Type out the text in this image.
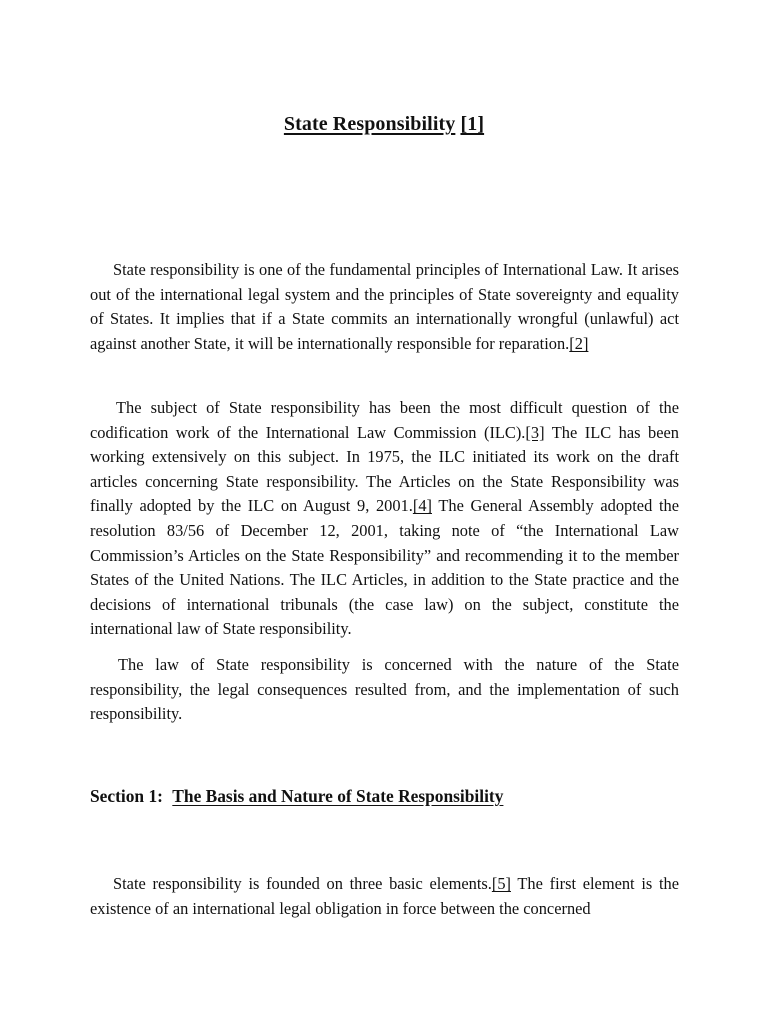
State Responsibility [1]

State responsibility is one of the fundamental principles of International Law. It arises out of the international legal system and the principles of State sovereignty and equality of States. It implies that if a State commits an internationally wrongful (unlawful) act against another State, it will be internationally responsible for reparation.[2]

The subject of State responsibility has been the most difficult question of the codification work of the International Law Commission (ILC).[3] The ILC has been working extensively on this subject. In 1975, the ILC initiated its work on the draft articles concerning State responsibility. The Articles on the State Responsibility was finally adopted by the ILC on August 9, 2001.[4] The General Assembly adopted the resolution 83/56 of December 12, 2001, taking note of “the International Law Commission’s Articles on the State Responsibility” and recommending it to the member States of the United Nations. The ILC Articles, in addition to the State practice and the decisions of international tribunals (the case law) on the subject, constitute the international law of State responsibility.

The law of State responsibility is concerned with the nature of the State responsibility, the legal consequences resulted from, and the implementation of such responsibility.

Section 1: The Basis and Nature of State Responsibility

State responsibility is founded on three basic elements.[5] The first element is the existence of an international legal obligation in force between the concerned
